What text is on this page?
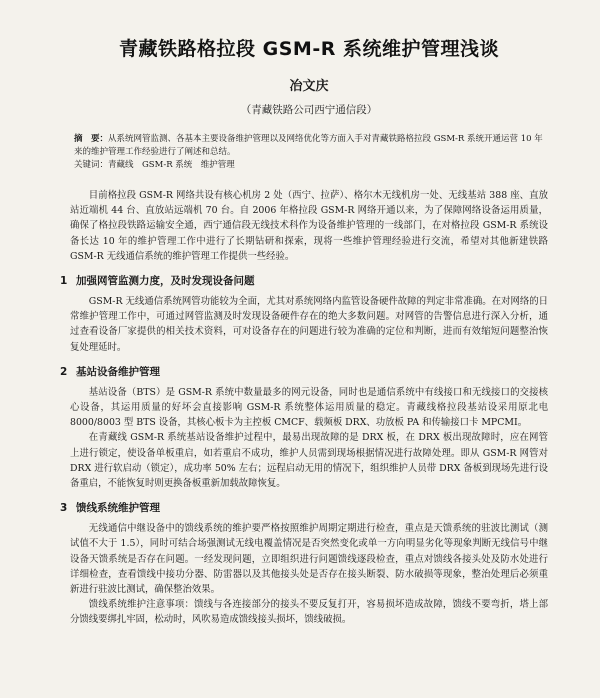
青藏铁路格拉段 GSM-R 系统维护管理浅谈
冶文庆
（青藏铁路公司西宁通信段）
摘　要：从系统网管监测、各基本主要设备维护管理以及网络优化等方面入手对青藏铁路格拉段 GSM-R 系统开通运营 10 年来的维护管理工作经验进行了阐述和总结。
关键词：青藏线　GSM-R 系统　维护管理

目前格拉段 GSM-R 网络共设有核心机房 2 处（西宁、拉萨）、格尔木无线机房一处、无线基站 388 座、直放站近端机 44 台、直放站远端机 70 台。自 2006 年格拉段 GSM-R 网络开通以来，为了保障网络设备运用质量，确保了格拉段铁路运输安全通，西宁通信段无线技术科作为设备维护管理的一线部门，在对格拉段 GSM-R 系统设备长达 10 年的维护管理工作中进行了长期钻研和探索，现将一些维护管理经验进行交流，希望对其他新建铁路 GSM-R 无线通信系统的维护管理工作提供一些经验。

1 加强网管监测力度，及时发现设备问题

GSM-R 无线通信系统网管功能较为全面，尤其对系统网络内监管设备硬件故障的判定非常准确。在对网络的日常维护管理工作中，可通过网管监测及时发现设备硬件存在的绝大多数问题。对网管的告警信息进行深入分析，通过查看设备厂家提供的相关技术资料，可对设备存在的问题进行较为准确的定位和判断，进而有效缩短问题整治恢复处理延时。

2 基站设备维护管理

基站设备（BTS）是 GSM-R 系统中数量最多的网元设备，同时也是通信系统中有线接口和无线接口的交接核心设备，其运用质量的好坏会直接影响 GSM-R 系统整体运用质量的稳定。青藏线格拉段基站设采用原北电 8000/8003 型 BTS 设备，其核心板卡为主控板 CMCF、载频板 DRX、功放板 PA 和传输接口卡 MPCMI。

在青藏线 GSM-R 系统基站设备维护过程中，最易出现故障的是 DRX 板，在 DRX 板出现故障时，应在网管上进行锁定，使设备单板重启，如若重启不成功，维护人员需到现场根据情况进行故障处理。即从 GSM-R 网管对 DRX 进行软启动（锁定），成功率 50% 左右；远程启动无用的情况下，组织维护人员带 DRX 备板到现场先进行设备重启，不能恢复时则更换备板重新加载故障恢复。

3 馈线系统维护管理

无线通信中继设备中的馈线系统的维护要严格按照维护周期定期进行检查，重点是天馈系统的驻波比测试（测试值不大于 1.5），同时可结合场强测试无线电覆盖情况是否突然变化或单一方向明显劣化等现象判断无线信号中继设备天馈系统是否存在问题。一经发现问题，立即组织进行问题馈线逐段检查，重点对馈线各接头处及防水处进行详细检查，查看馈线中接功分器、防雷器以及其他接头处是否存在接头断裂、防水破损等现象，整治处理后必须重新进行驻波比测试，确保整治效果。

馈线系统维护注意事项：馈线与各连接部分的接头不要反复打开，容易损坏造成故障，馈线不要弯折，塔上部分馈线要绑扎牢固，松动时，风吹易造成馈线接头损坏，馈线破损。
